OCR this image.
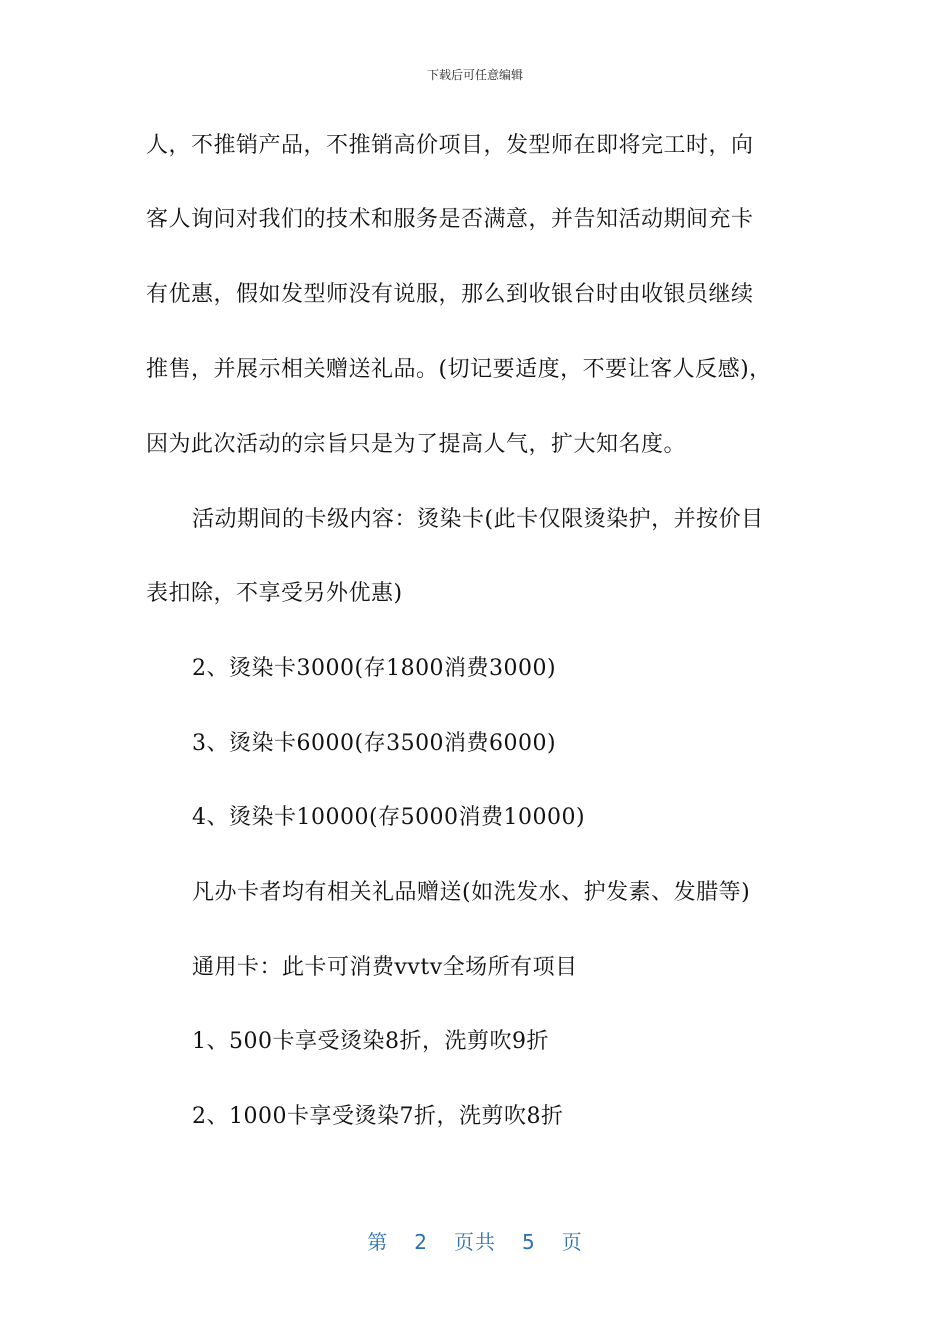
下载后可任意编辑
人，不推销产品，不推销高价项目，发型师在即将完工时，向
客人询问对我们的技术和服务是否满意，并告知活动期间充卡
有优惠，假如发型师没有说服，那么到收银台时由收银员继续
推售，并展示相关赠送礼品。(切记要适度，不要让客人反感)，
因为此次活动的宗旨只是为了提高人气，扩大知名度。
活动期间的卡级内容：烫染卡(此卡仅限烫染护，并按价目
表扣除，不享受另外优惠)
2、烫染卡3000(存1800消费3000)
3、烫染卡6000(存3500消费6000)
4、烫染卡10000(存5000消费10000)
凡办卡者均有相关礼品赠送(如洗发水、护发素、发腊等)
通用卡：此卡可消费vvtv全场所有项目
1、500卡享受烫染8折，洗剪吹9折
2、1000卡享受烫染7折，洗剪吹8折
第 2 页共 5 页
